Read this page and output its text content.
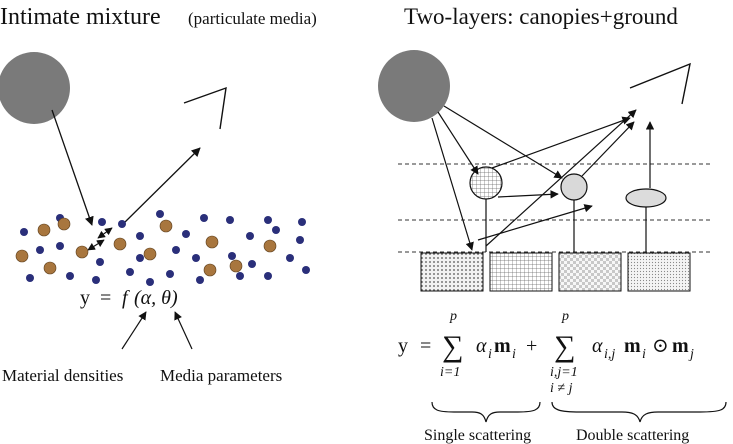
Intimate mixture (particulate media)
y = f (α, θ)
Material densities Media parameters
Two-layers: canopies+ground
y =
p
∑
i=1
α i m i +
p
∑
i,j=1
i ≠ j
α i,j m i ⊙ m j
Single scattering	Double scattering
